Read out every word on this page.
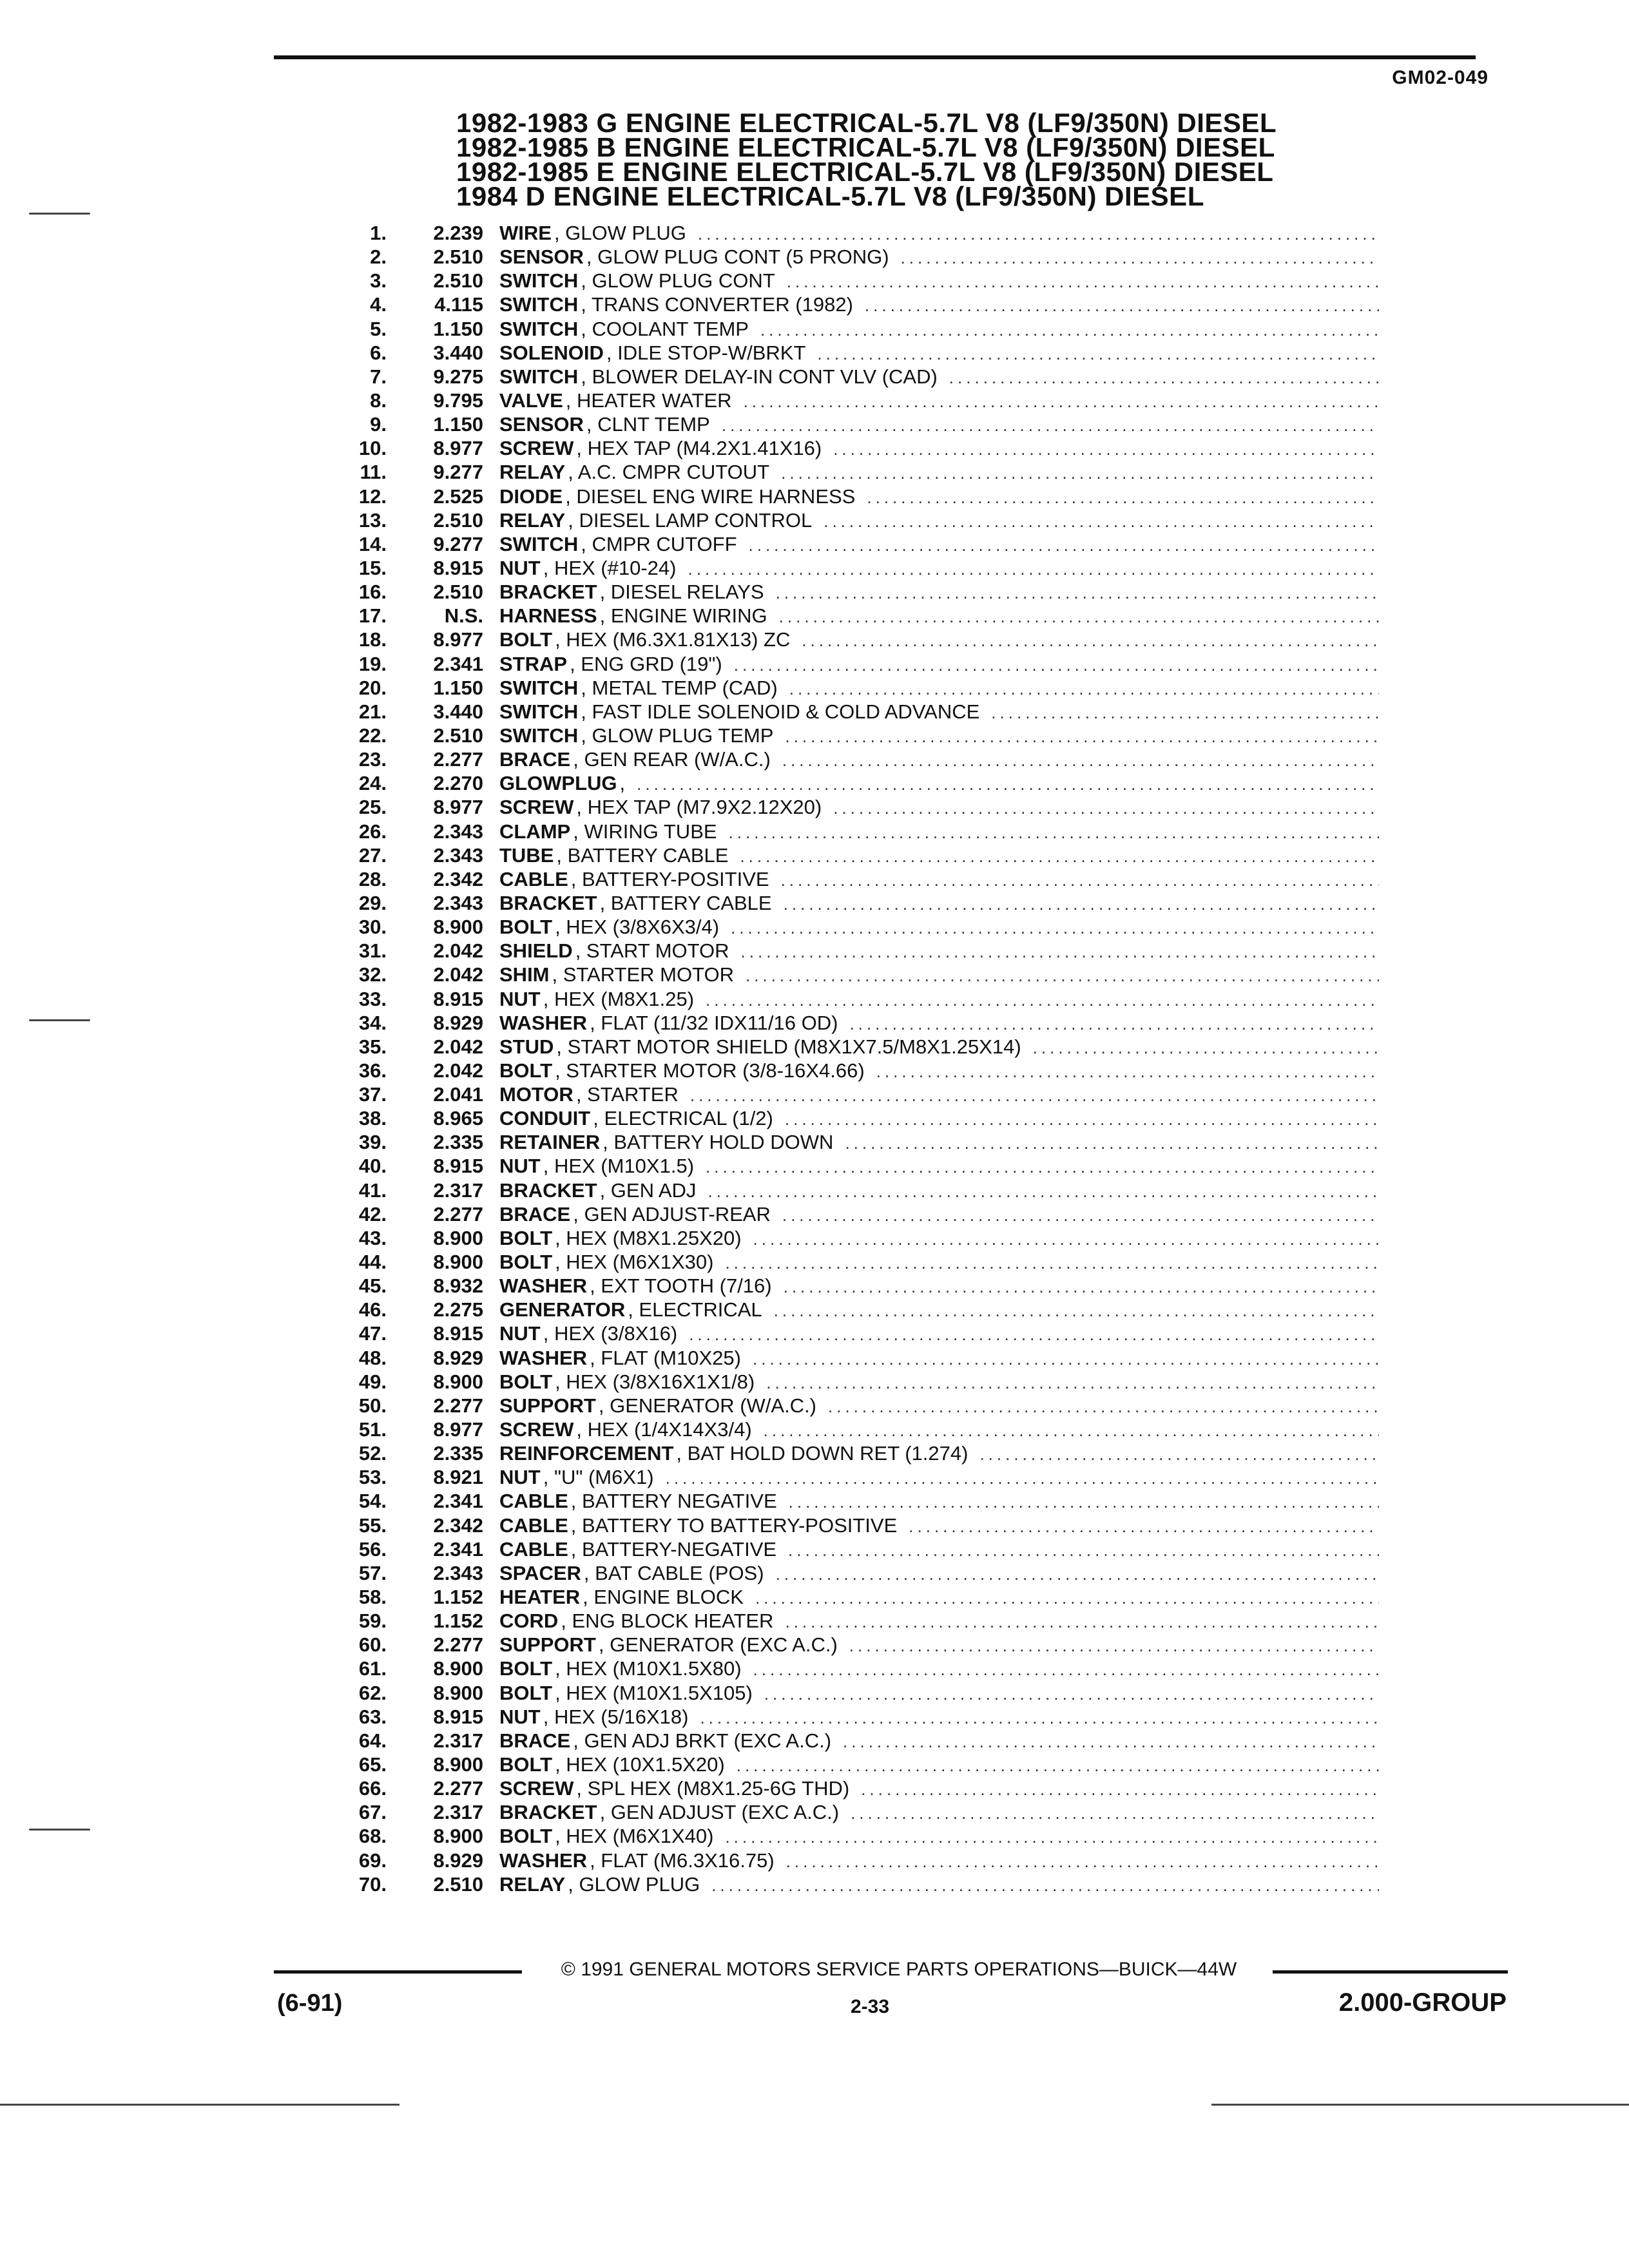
GM02-049
1982-1983 G ENGINE ELECTRICAL-5.7L V8 (LF9/350N) DIESEL
1982-1985 B ENGINE ELECTRICAL-5.7L V8 (LF9/350N) DIESEL
1982-1985 E ENGINE ELECTRICAL-5.7L V8 (LF9/350N) DIESEL
1984 D ENGINE ELECTRICAL-5.7L V8 (LF9/350N) DIESEL
1.	2.239 WIRE , GLOW PLUG
.....
2.	2.510 SENSOR , GLOW PLUG CONT (5 PRONG)
.....
3.	2.510 SWITCH , GLOW PLUG CONT
.....
4.	4.115 SWITCH , TRANS CONVERTER (1982)
.....
5.	1.150 SWITCH , COOLANT TEMP
.....
6.	3.440 SOLENOID , IDLE STOP-W/BRKT
.....
7.	9.275 SWITCH , BLOWER DELAY-IN CONT VLV (CAD)
.....
8.	9.795 VALVE , HEATER WATER
.....
9.	1.150 SENSOR , CLNT TEMP
.....
10.	8.977 SCREW , HEX TAP (M4.2X1.41X16)
.....
11.	9.277 RELAY , A.C. CMPR CUTOUT
.....
12.	2.525 DIODE , DIESEL ENG WIRE HARNESS
.....
13.	2.510 RELAY , DIESEL LAMP CONTROL
.....
14.	9.277 SWITCH , CMPR CUTOFF
.....
15.	8.915 NUT , HEX (#10-24)
.....
16.	2.510 BRACKET , DIESEL RELAYS
.....
17.	N.S. HARNESS , ENGINE WIRING
.....
18.	8.977 BOLT , HEX (M6.3X1.81X13) ZC
.....
19.	2.341 STRAP , ENG GRD (19")
.....
20.	1.150 SWITCH , METAL TEMP (CAD)
.....
21.	3.440 SWITCH , FAST IDLE SOLENOID & COLD ADVANCE
.....
22.	2.510 SWITCH , GLOW PLUG TEMP
.....
23.	2.277 BRACE , GEN REAR (W/A.C.)
.....
24.	2.270 GLOWPLUG ,
.....
25.	8.977 SCREW , HEX TAP (M7.9X2.12X20)
.....
26.	2.343 CLAMP , WIRING TUBE
.....
27.	2.343 TUBE , BATTERY CABLE
.....
28.	2.342 CABLE , BATTERY-POSITIVE
.....
29.	2.343 BRACKET , BATTERY CABLE
.....
30.	8.900 BOLT , HEX (3/8X6X3/4)
.....
31.	2.042 SHIELD , START MOTOR
.....
32.	2.042 SHIM , STARTER MOTOR
.....
33.	8.915 NUT , HEX (M8X1.25)
.....
34.	8.929 WASHER , FLAT (11/32 IDX11/16 OD)
.....
35.	2.042 STUD , START MOTOR SHIELD (M8X1X7.5/M8X1.25X14)
.....
36.	2.042 BOLT , STARTER MOTOR (3/8-16X4.66)
.....
37.	2.041 MOTOR , STARTER
.....
38.	8.965 CONDUIT , ELECTRICAL (1/2)
.....
39.	2.335 RETAINER , BATTERY HOLD DOWN
.....
40.	8.915 NUT , HEX (M10X1.5)
.....
41.	2.317 BRACKET , GEN ADJ
.....
42.	2.277 BRACE , GEN ADJUST-REAR
.....
43.	8.900 BOLT , HEX (M8X1.25X20)
.....
44.	8.900 BOLT , HEX (M6X1X30)
.....
45.	8.932 WASHER , EXT TOOTH (7/16)
.....
46.	2.275 GENERATOR , ELECTRICAL
.....
47.	8.915 NUT , HEX (3/8X16)
.....
48.	8.929 WASHER , FLAT (M10X25)
.....
49.	8.900 BOLT , HEX (3/8X16X1X1/8)
.....
50.	2.277 SUPPORT , GENERATOR (W/A.C.)
.....
51.	8.977 SCREW , HEX (1/4X14X3/4)
.....
52.	2.335 REINFORCEMENT , BAT HOLD DOWN RET (1.274)
.....
53.	8.921 NUT , "U" (M6X1)
.....
54.	2.341 CABLE , BATTERY NEGATIVE
.....
55.	2.342 CABLE , BATTERY TO BATTERY-POSITIVE
.....
56.	2.341 CABLE , BATTERY-NEGATIVE
.....
57.	2.343 SPACER , BAT CABLE (POS)
.....
58.	1.152 HEATER , ENGINE BLOCK
.....
59.	1.152 CORD , ENG BLOCK HEATER
.....
60.	2.277 SUPPORT , GENERATOR (EXC A.C.)
.....
61.	8.900 BOLT , HEX (M10X1.5X80)
.....
62.	8.900 BOLT , HEX (M10X1.5X105)
.....
63.	8.915 NUT , HEX (5/16X18)
.....
64.	2.317 BRACE , GEN ADJ BRKT (EXC A.C.)
.....
65.	8.900 BOLT , HEX (10X1.5X20)
.....
66.	2.277 SCREW , SPL HEX (M8X1.25-6G THD)
.....
67.	2.317 BRACKET , GEN ADJUST (EXC A.C.)
.....
68.	8.900 BOLT , HEX (M6X1X40)
.....
69.	8.929 WASHER , FLAT (M6.3X16.75)
.....
70.	2.510 RELAY , GLOW PLUG
.....
© 1991 GENERAL MOTORS SERVICE PARTS OPERATIONS—BUICK—44W
(6-91)	2-33	2.000-GROUP
